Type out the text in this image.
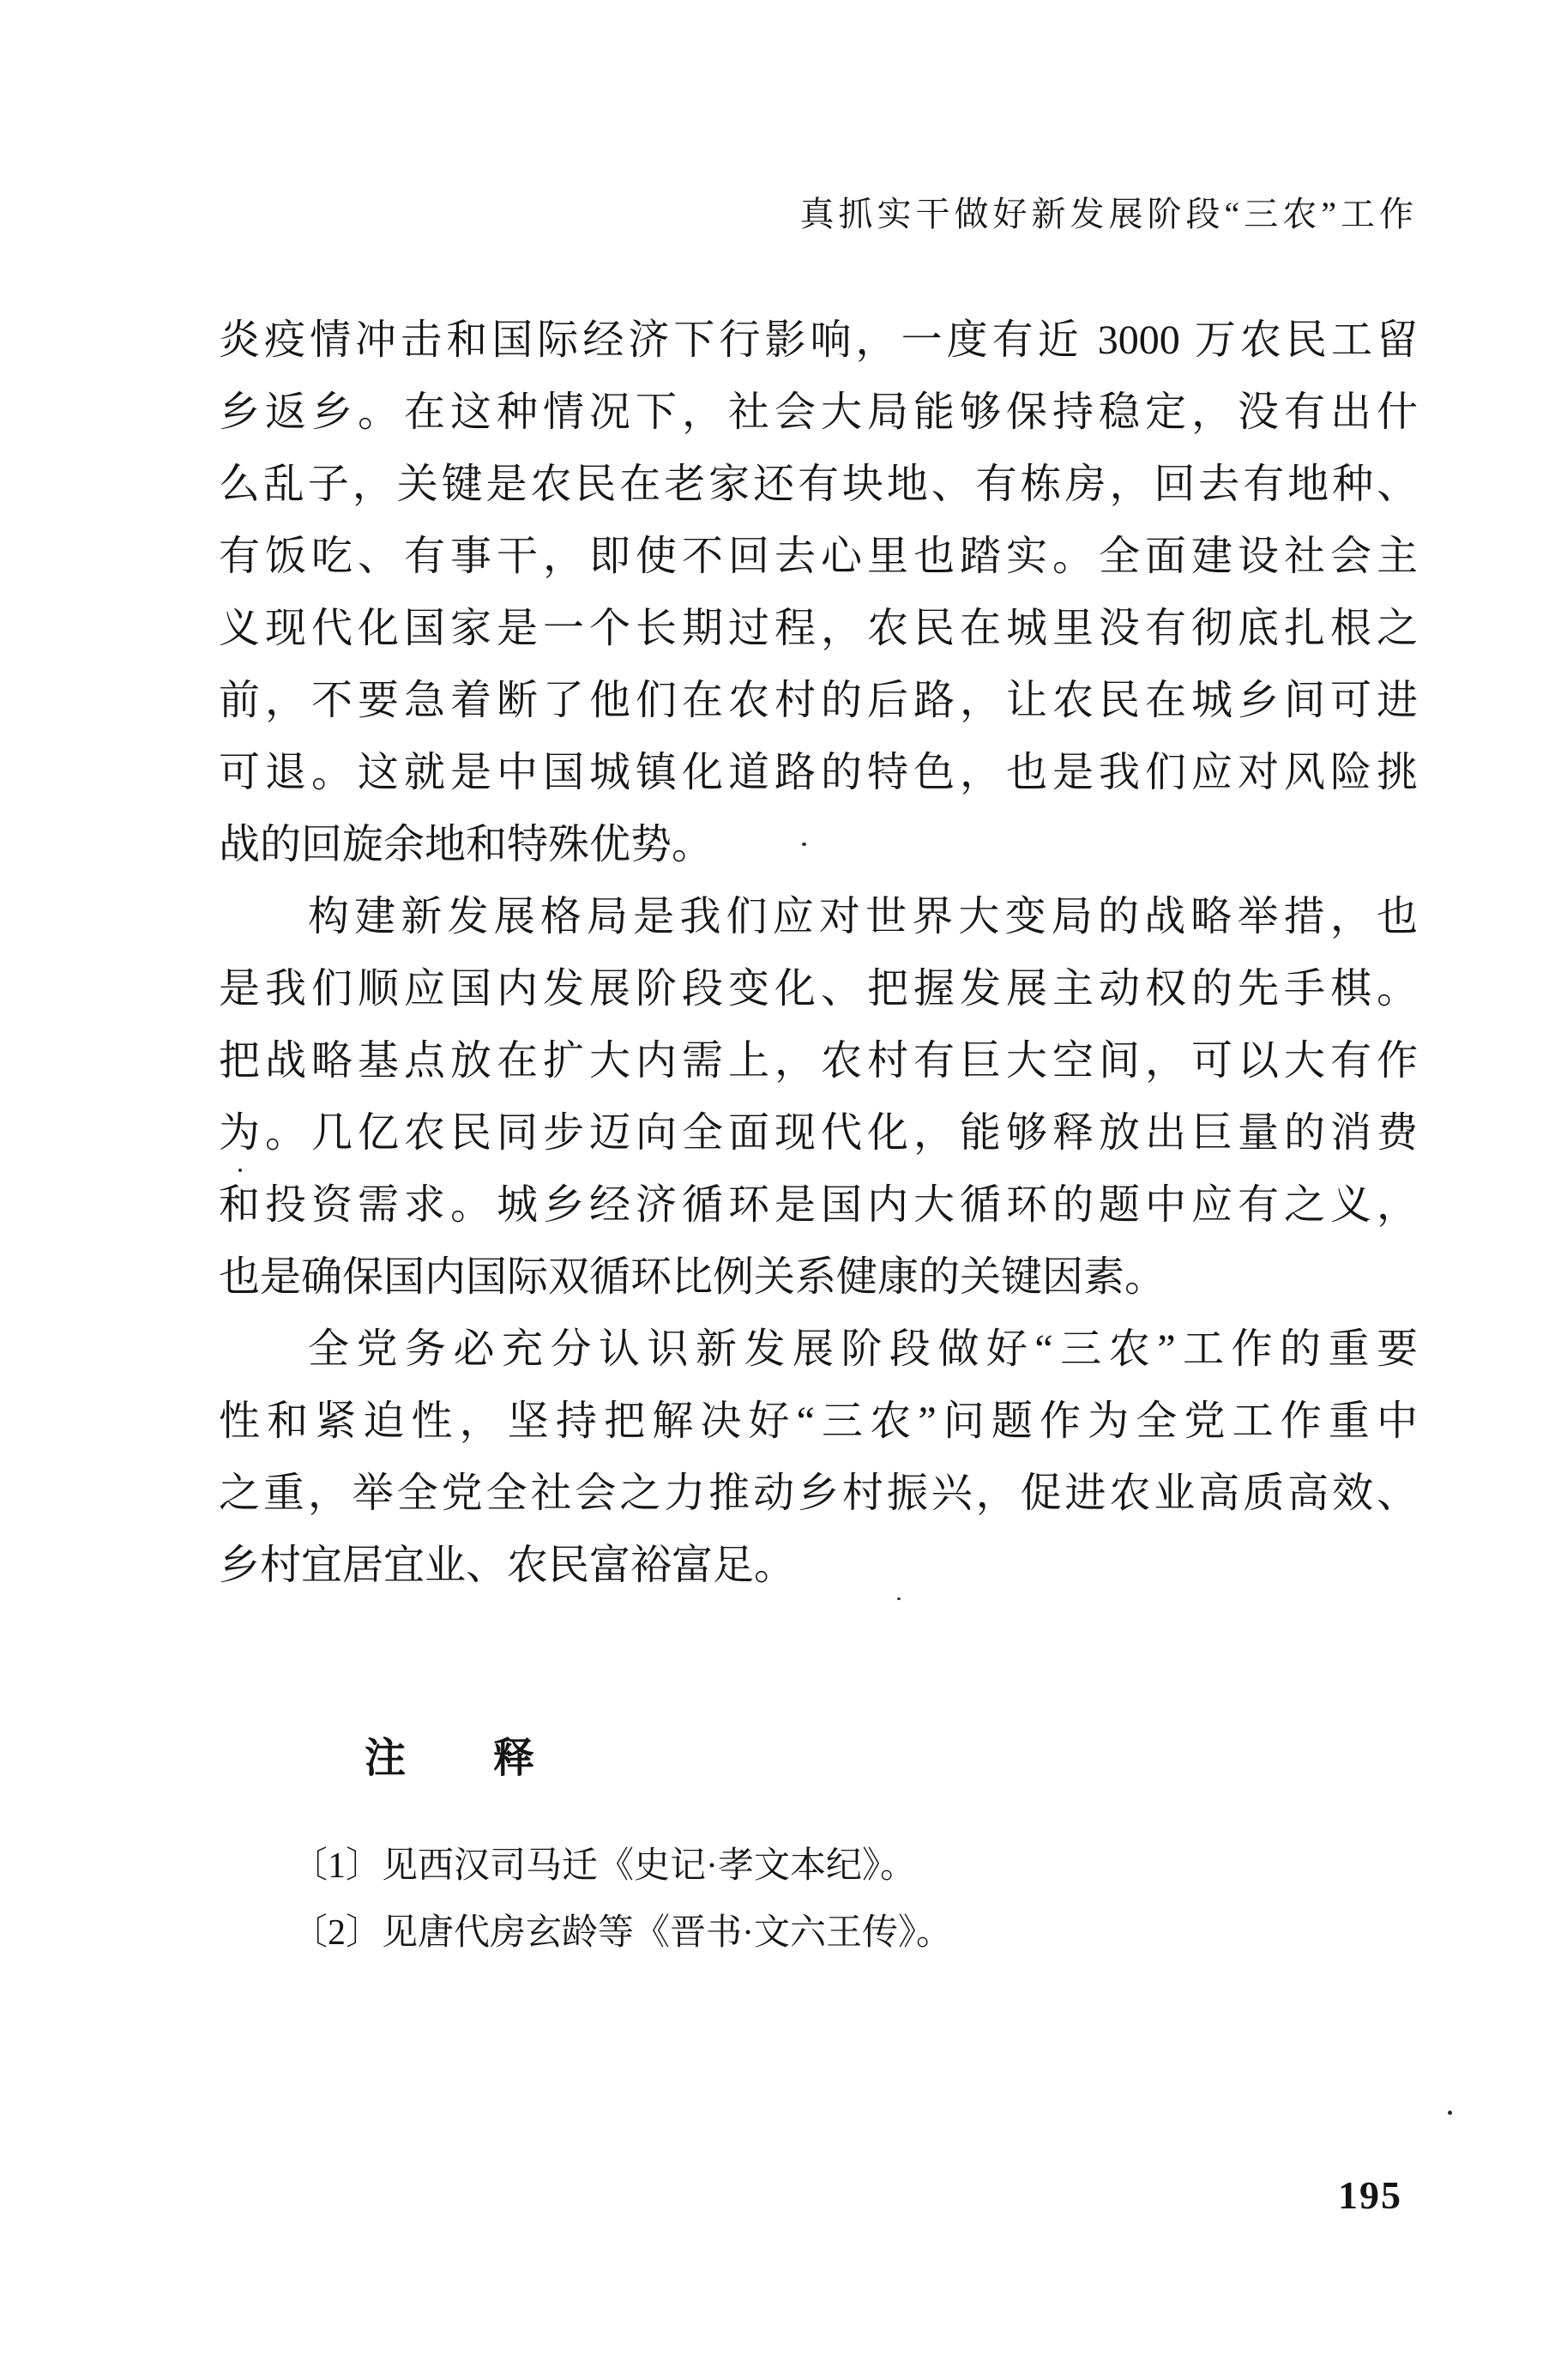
真抓实干做好新发展阶段“三农”工作
炎疫情冲击和国际经济下行影响，一度有近 3000 万农民工留
乡返乡。在这种情况下，社会大局能够保持稳定，没有出什
么乱子，关键是农民在老家还有块地、有栋房，回去有地种、
有饭吃、有事干，即使不回去心里也踏实。全面建设社会主
义现代化国家是一个长期过程，农民在城里没有彻底扎根之
前，不要急着断了他们在农村的后路，让农民在城乡间可进
可退。这就是中国城镇化道路的特色，也是我们应对风险挑
战的回旋余地和特殊优势。
构建新发展格局是我们应对世界大变局的战略举措，也
是我们顺应国内发展阶段变化、把握发展主动权的先手棋。
把战略基点放在扩大内需上，农村有巨大空间，可以大有作
为。几亿农民同步迈向全面现代化，能够释放出巨量的消费
和投资需求。城乡经济循环是国内大循环的题中应有之义，
也是确保国内国际双循环比例关系健康的关键因素。
全党务必充分认识新发展阶段做好“三农”工作的重要
性和紧迫性，坚持把解决好“三农”问题作为全党工作重中
之重，举全党全社会之力推动乡村振兴，促进农业高质高效、
乡村宜居宜业、农民富裕富足。
注　　释
〔1〕见西汉司马迁《史记·孝文本纪》。
〔2〕见唐代房玄龄等《晋书·文六王传》。
195
